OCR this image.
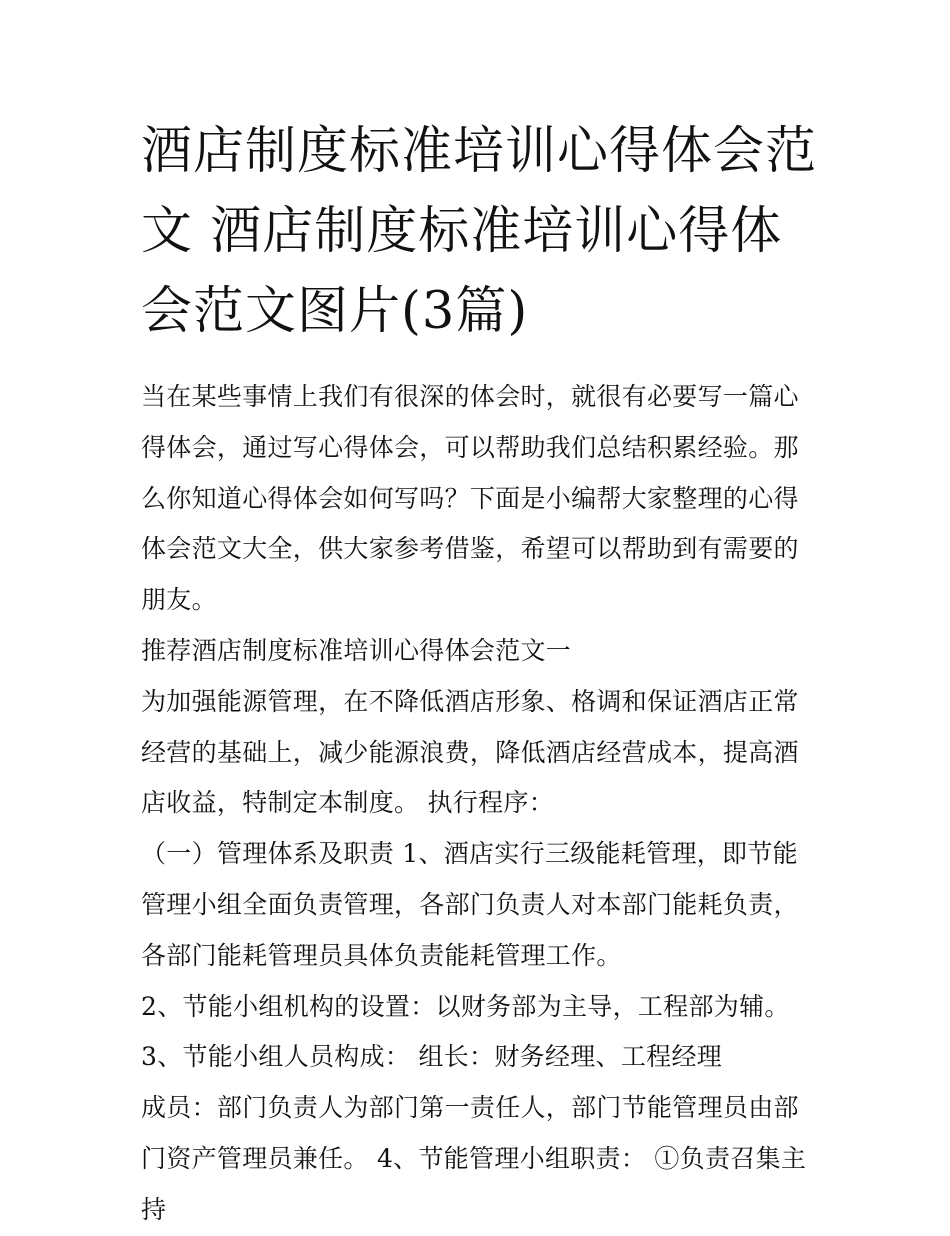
酒店制度标准培训心得体会范文 酒店制度标准培训心得体会范文图片(3篇)

当在某些事情上我们有很深的体会时，就很有必要写一篇心得体会，通过写心得体会，可以帮助我们总结积累经验。那么你知道心得体会如何写吗？下面是小编帮大家整理的心得体会范文大全，供大家参考借鉴，希望可以帮助到有需要的朋友。

推荐酒店制度标准培训心得体会范文一

为加强能源管理，在不降低酒店形象、格调和保证酒店正常经营的基础上，减少能源浪费，降低酒店经营成本，提高酒店收益，特制定本制度。 执行程序：

（一）管理体系及职责 1、酒店实行三级能耗管理，即节能管理小组全面负责管理，各部门负责人对本部门能耗负责，各部门能耗管理员具体负责能耗管理工作。

2、节能小组机构的设置：以财务部为主导，工程部为辅。

3、节能小组人员构成： 组长：财务经理、工程经理

成员：部门负责人为部门第一责任人，部门节能管理员由部门资产管理员兼任。 4、节能管理小组职责： ①负责召集主持
